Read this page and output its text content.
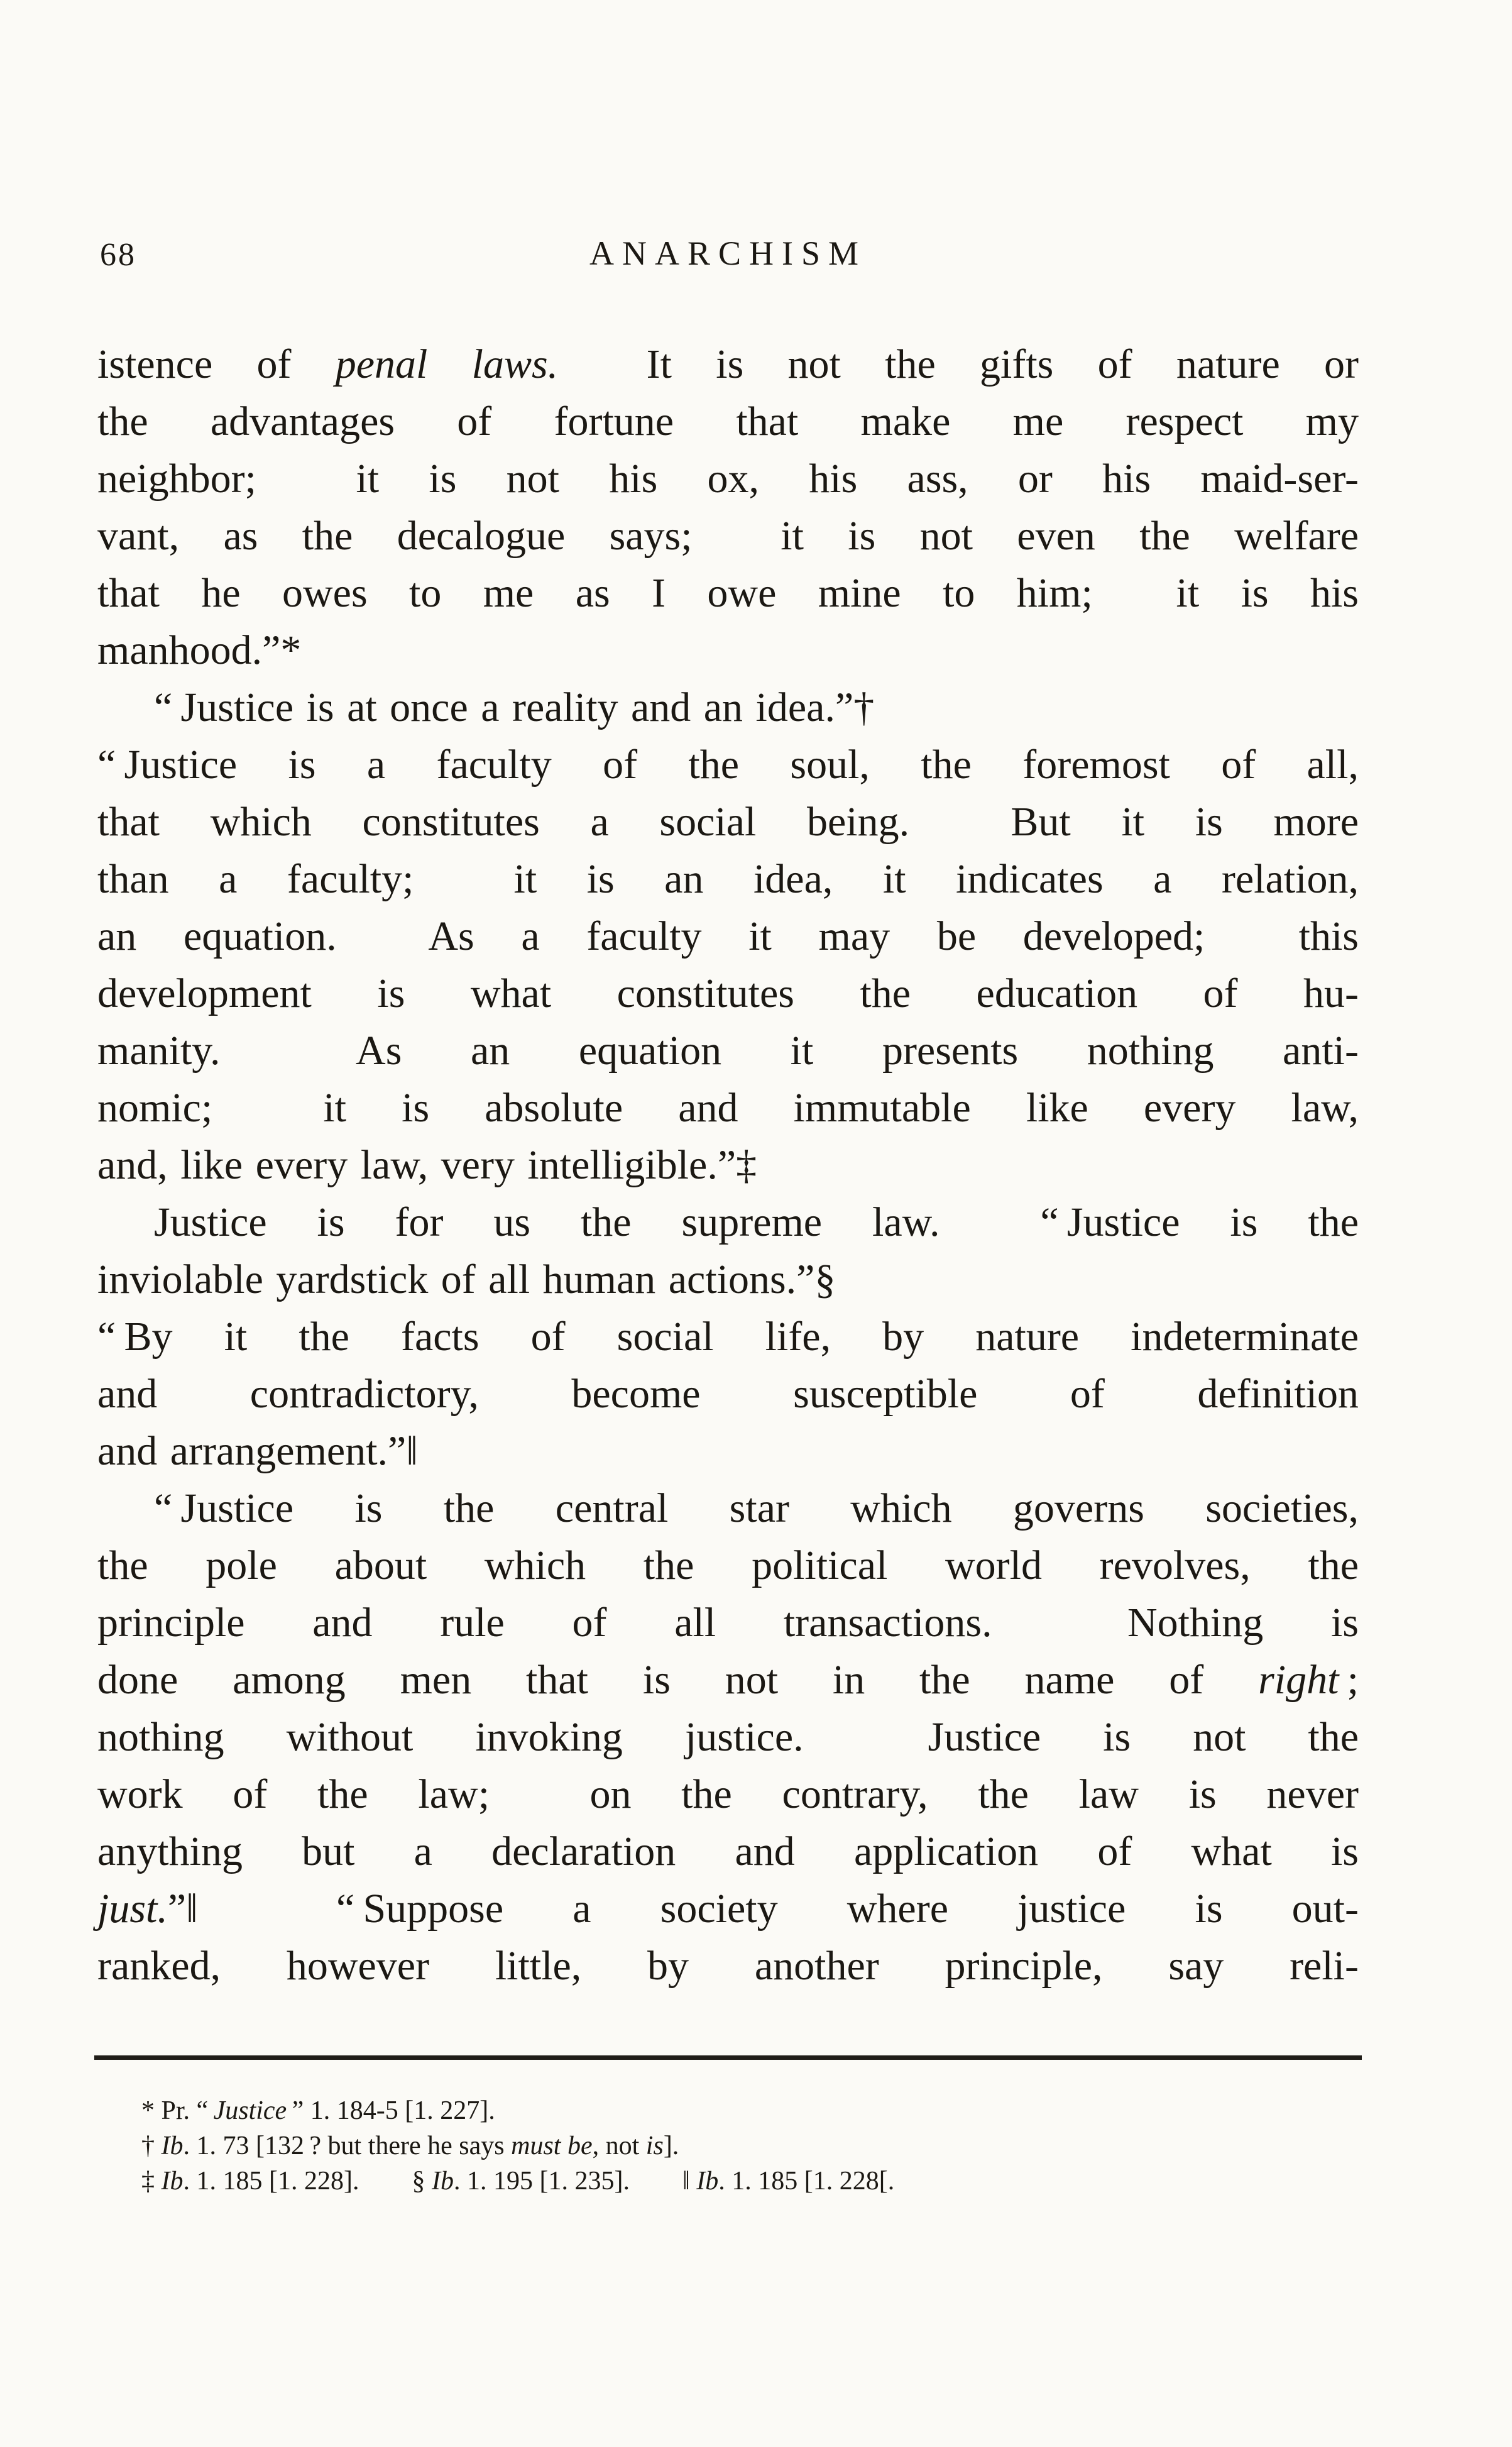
68	ANARCHISM
istence of penal laws.  It is not the gifts of nature or
the advantages of fortune that make me respect my
neighbor;  it is not his ox, his ass, or his maid-ser-
vant, as the decalogue says;  it is not even the welfare
that he owes to me as I owe mine to him;  it is his
manhood.”*
“ Justice is at once a reality and an idea.”†
“ Justice is a faculty of the soul, the foremost of all,
that which constitutes a social being.  But it is more
than a faculty;  it is an idea, it indicates a relation,
an equation.  As a faculty it may be developed;  this
development is what constitutes the education of hu-
manity.  As an equation it presents nothing anti-
nomic;  it is absolute and immutable like every law,
and, like every law, very intelligible.”‡
Justice is for us the supreme law.  “ Justice is the
inviolable yardstick of all human actions.”§
“ By it the facts of social life, by nature indeterminate
and contradictory, become susceptible of definition
and arrangement.”‖
“ Justice is the central star which governs societies,
the pole about which the political world revolves, the
principle and rule of all transactions.  Nothing is
done among men that is not in the name of right ;
nothing without invoking justice.  Justice is not the
work of the law;  on the contrary, the law is never
anything but a declaration and application of what is
just.”‖  “ Suppose a society where justice is out-
ranked, however little, by another principle, say reli-
* Pr. “ Justice ” 1. 184-5 [1. 227].
† Ib. 1. 73 [132 ? but there he says must be, not is].
‡ Ib. 1. 185 [1. 228].        § Ib. 1. 195 [1. 235].        ‖ Ib. 1. 185 [1. 228[.
